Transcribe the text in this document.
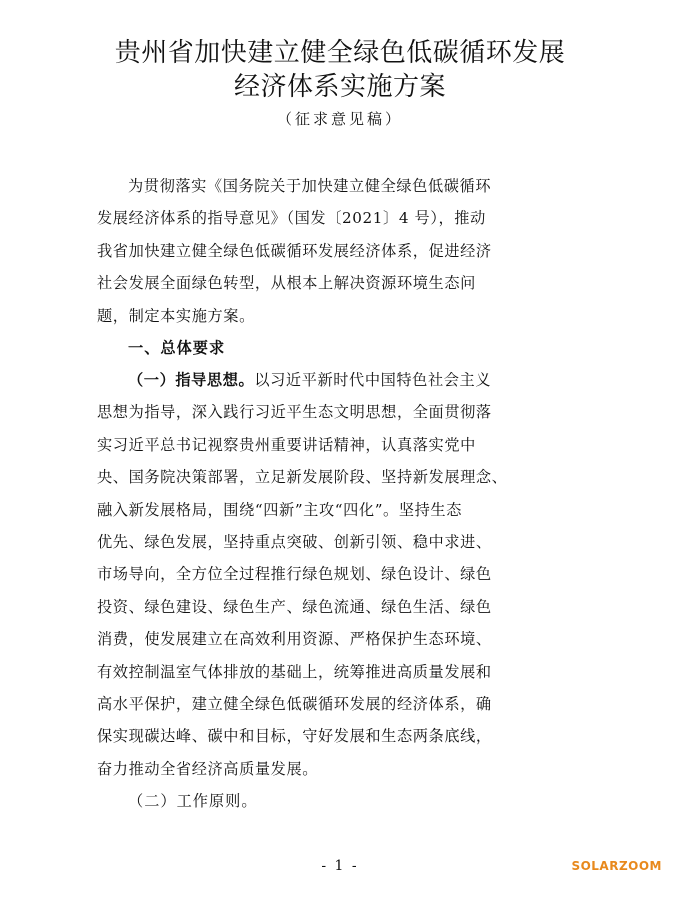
贵州省加快建立健全绿色低碳循环发展
经济体系实施方案
（征求意见稿）
为贯彻落实《国务院关于加快建立健全绿色低碳循环
发展经济体系的指导意见》（国发〔2021〕4 号），推动
我省加快建立健全绿色低碳循环发展经济体系，促进经济
社会发展全面绿色转型，从根本上解决资源环境生态问
题，制定本实施方案。
一、总体要求
（一）指导思想。以习近平新时代中国特色社会主义
思想为指导，深入践行习近平生态文明思想，全面贯彻落
实习近平总书记视察贵州重要讲话精神，认真落实党中
央、国务院决策部署，立足新发展阶段、坚持新发展理念、
融入新发展格局，围绕“四新”主攻“四化”。坚持生态
优先、绿色发展，坚持重点突破、创新引领、稳中求进、
市场导向，全方位全过程推行绿色规划、绿色设计、绿色
投资、绿色建设、绿色生产、绿色流通、绿色生活、绿色
消费，使发展建立在高效利用资源、严格保护生态环境、
有效控制温室气体排放的基础上，统筹推进高质量发展和
高水平保护，建立健全绿色低碳循环发展的经济体系，确
保实现碳达峰、碳中和目标，守好发展和生态两条底线，
奋力推动全省经济高质量发展。
（二）工作原则。
- 1 -	SOLARZOOM
